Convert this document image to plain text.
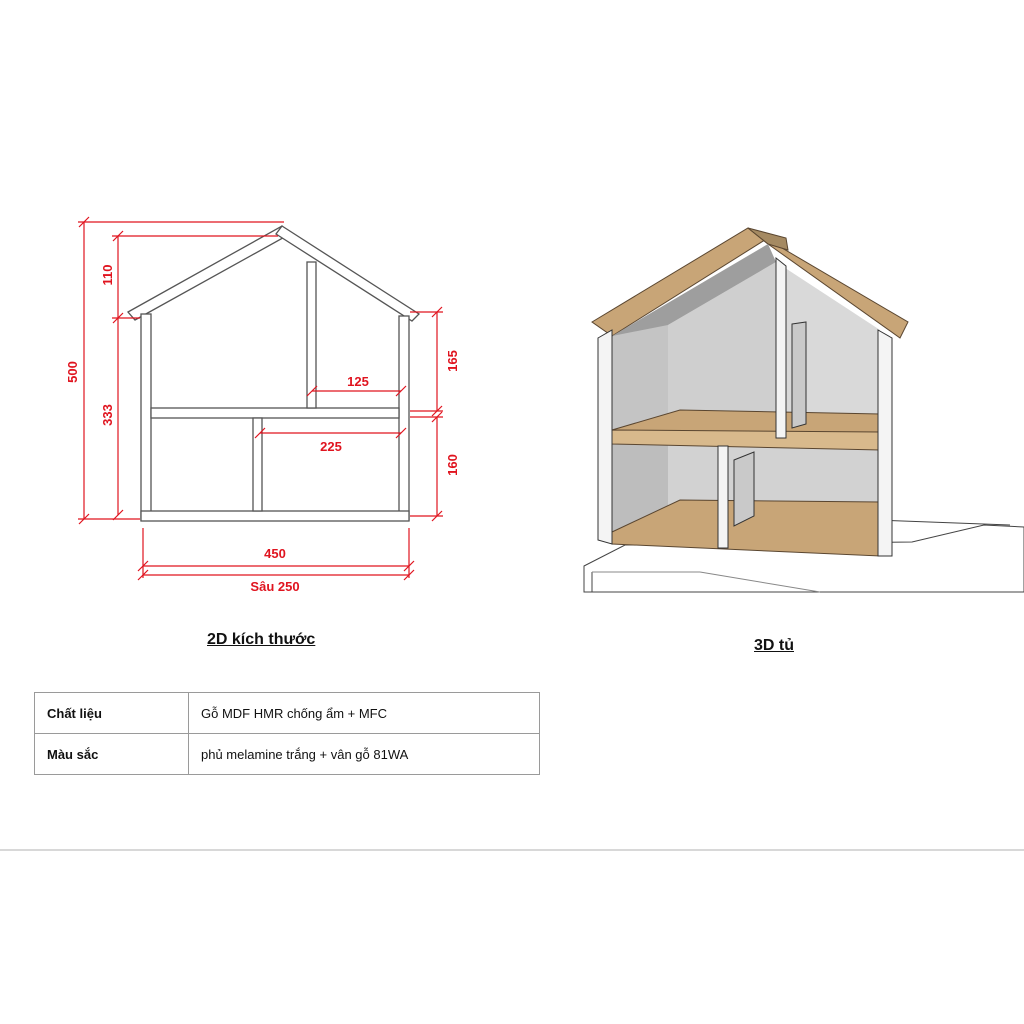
500
110
333
165
160
125
225
450
Sâu 250
2D kích thước	3D tủ
Chất liệu	Gỗ MDF HMR chống ẩm + MFC
Màu sắc	phủ melamine trắng + vân gỗ 81WA
